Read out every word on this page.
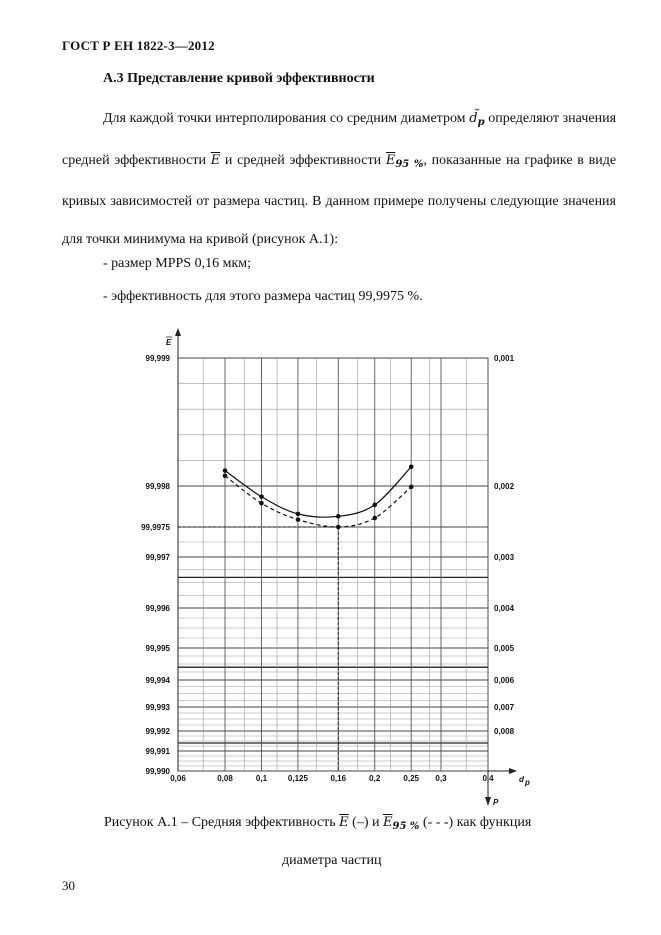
ГОСТ Р ЕН 1822-3—2012
А.3 Представление кривой эффективности
Для каждой точки интерполирования со средним диаметром $d̃_p$ определяют значения средней эффективности $\overline{E}$ и средней эффективности $\overline{E}_{95 \%}$, показанные на графике в виде кривых зависимостей от размера частиц. В данном примере получены следующие значения для точки минимума на кривой (рисунок А.1):
- размер MPPS 0,16 мкм;
- эффективность для этого размера частиц 99,9975 %.
E
d p
P
99,999
99,998
99,9975
99,997
99,996
99,995
99,994
99,993
99,992
99,991
99,990
0,001
0,002
0,003
0,004
0,005
0,006
0,007
0,008
0,06	0,08	0,1	0,125	0,16	0,2	0,25 0,3	0,4
Рисунок А.1 – Средняя эффективность $\overline{E}$ (–) и $\overline{E}_{95 \%}$ (- - -) как функция
диаметра частиц
30
